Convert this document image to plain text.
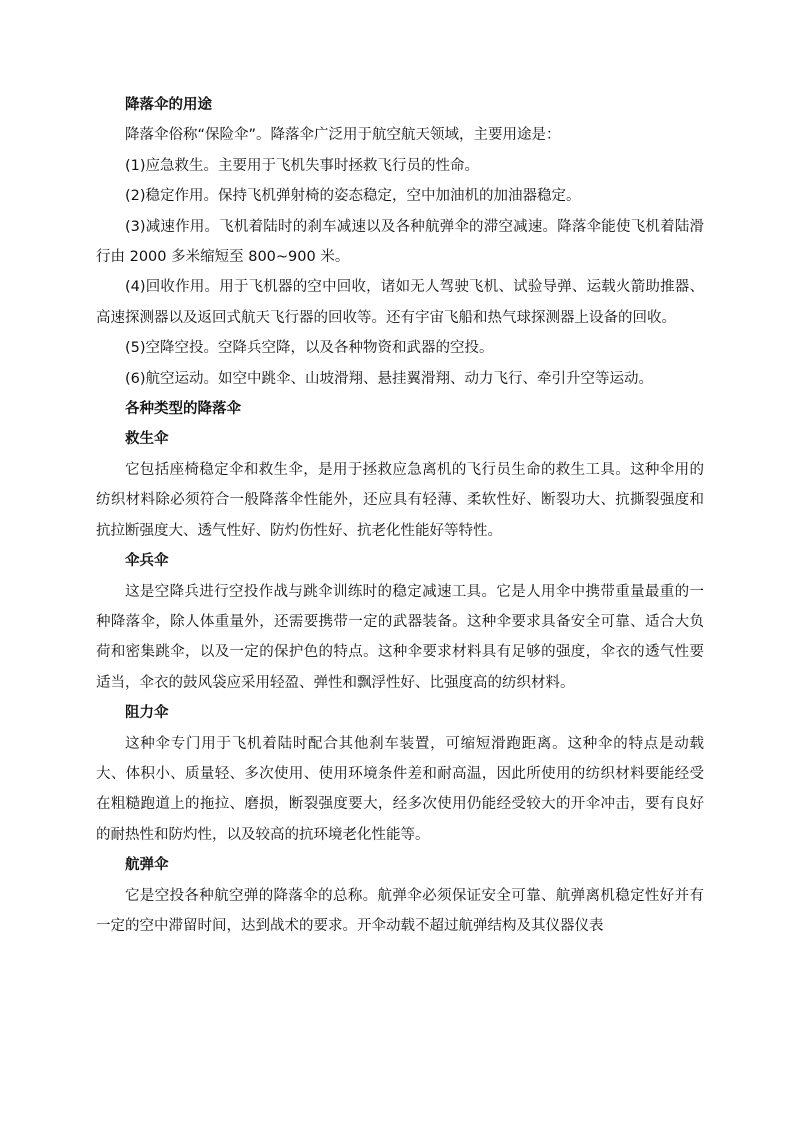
降落伞的用途

降落伞俗称“保险伞”。降落伞广泛用于航空航天领域，主要用途是：

(1)应急救生。主要用于飞机失事时拯救飞行员的性命。

(2)稳定作用。保持飞机弹射椅的姿态稳定，空中加油机的加油器稳定。

(3)减速作用。飞机着陆时的刹车减速以及各种航弹伞的滞空减速。降落伞能使飞机着陆滑行由 2000 多米缩短至 800~900 米。

(4)回收作用。用于飞机器的空中回收，诸如无人驾驶飞机、试验导弹、运载火箭助推器、高速探测器以及返回式航天飞行器的回收等。还有宇宙飞船和热气球探测器上设备的回收。

(5)空降空投。空降兵空降，以及各种物资和武器的空投。

(6)航空运动。如空中跳伞、山坡滑翔、悬挂翼滑翔、动力飞行、牵引升空等运动。

各种类型的降落伞
救生伞

它包括座椅稳定伞和救生伞，是用于拯救应急离机的飞行员生命的救生工具。这种伞用的纺织材料除必须符合一般降落伞性能外，还应具有轻薄、柔软性好、断裂功大、抗撕裂强度和抗拉断强度大、透气性好、防灼伤性好、抗老化性能好等特性。

伞兵伞

这是空降兵进行空投作战与跳伞训练时的稳定减速工具。它是人用伞中携带重量最重的一种降落伞，除人体重量外，还需要携带一定的武器装备。这种伞要求具备安全可靠、适合大负荷和密集跳伞，以及一定的保护色的特点。这种伞要求材料具有足够的强度，伞衣的透气性要适当，伞衣的鼓风袋应采用轻盈、弹性和飘浮性好、比强度高的纺织材料。

阻力伞

这种伞专门用于飞机着陆时配合其他刹车装置，可缩短滑跑距离。这种伞的特点是动载大、体积小、质量轻、多次使用、使用环境条件差和耐高温，因此所使用的纺织材料要能经受在粗糙跑道上的拖拉、磨损，断裂强度要大，经多次使用仍能经受较大的开伞冲击，要有良好的耐热性和防灼性，以及较高的抗环境老化性能等。

航弹伞

它是空投各种航空弹的降落伞的总称。航弹伞必须保证安全可靠、航弹离机稳定性好并有一定的空中滞留时间，达到战术的要求。开伞动载不超过航弹结构及其仪器仪表
